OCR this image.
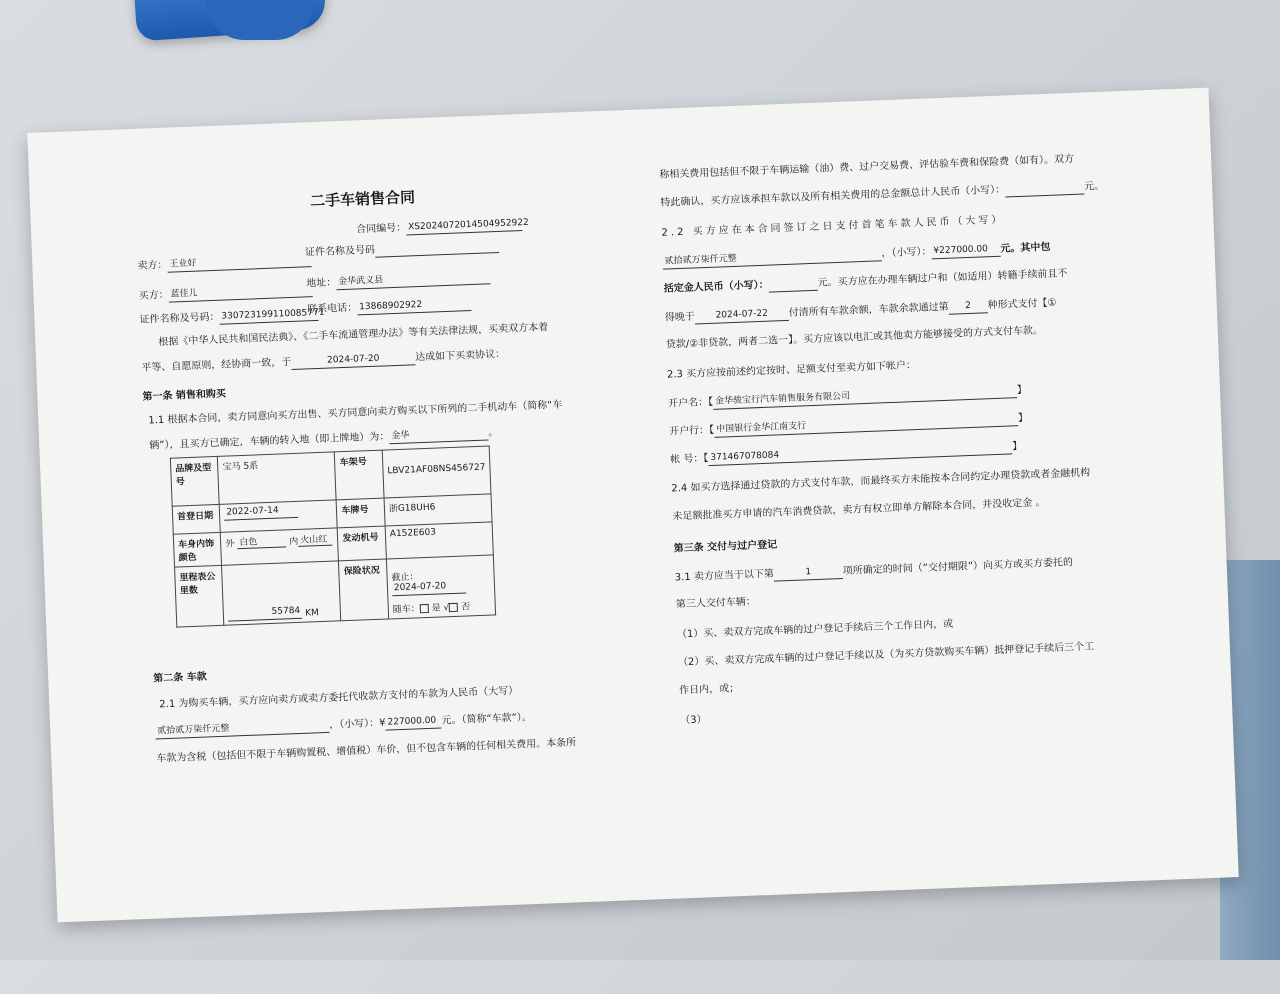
二手车销售合同
合同编号： XS20240720145049529​22
卖方： 王业好
证件名称及号码
买方： 蓝佳儿
地址： 金华武义县
证件名称及号码： 330723199110085771
联系电话： 13868902922
根据《中华人民共和国民法典》、《二手车流通管理办法》等有关法律法规，买卖双方本着
平等、自愿原则，经协商一致，于	2024-07-20	达成如下买卖协议：
第一条 销售和购买
1.1 根据本合同，卖方同意向买方出售、买方同意向卖方购买以下所列的二手机动车（简称“车
辆”），且买方已确定，车辆的转入地（即上牌地）为： 金华	。
品牌及型号	宝马 5系	车架号	LBV21AF08NS456727
首登日期	2022-07-14	车牌号	浙G18UH6
车身内饰颜色	外 白色 内 火山红	发动机号	A152E603
里程表公里数	55784 KM	保险状况	截止：2024-07-20
随车： 是 √ 否
第二条 车款
2.1 为购买车辆，买方应向卖方或卖方委托代收款方支付的车款为人民币（大写）
贰拾贰万柒仟元整	，（小写）：¥ 227000.00 元。（简称“车款”）。
车款为含税（包括但不限于车辆购置税、增值税）车价，但不包含车辆的任何相关费用。本条所
称相关费用包括但不限于车辆运输（油）费、过户交易费、评估验车费和保险费（如有）。双方
特此确认，买方应该承担车款以及所有相关费用的总金额总计人民币（小写）：	元。
2.2 买方应在本合同签订之日支付首笔车款人民币（大写）
贰拾贰万柒仟元整，（小写）： ¥227000.00 元。其中包
括定金人民币（小写）：	元。买方应在办理车辆过户和（如适用）转籍手续前且不
得晚于 2024-07-22 付清所有车款余额，车款余款通过第 2 种形式支付【①
贷款/②非贷款，两者二选一】。买方应该以电汇或其他卖方能够接受的方式支付车款。
2.3 买方应按前述约定按时、足额支付至卖方如下帐户：
开户名：【 金华骏宝行汽车销售服务有限公司】
开户行：【 中国银行金华江南支行】
帐 号：【 371467078084】
2.4 如买方选择通过贷款的方式支付车款，而最终买方未能按本合同约定办理贷款或者金融机构
未足额批准买方申请的汽车消费贷款，卖方有权立即单方解除本合同，并没收定金 。
第三条 交付与过户登记
3.1 卖方应当于以下第	1	项所确定的时间（“交付期限”）向买方或买方委托的
第三人交付车辆：
（1）买、卖双方完成车辆的过户登记手续后三个工作日内，或
（2）买、卖双方完成车辆的过户登记手续以及（为买方贷款购买车辆）抵押登记手续后三个工
作日内，或；
（3）
